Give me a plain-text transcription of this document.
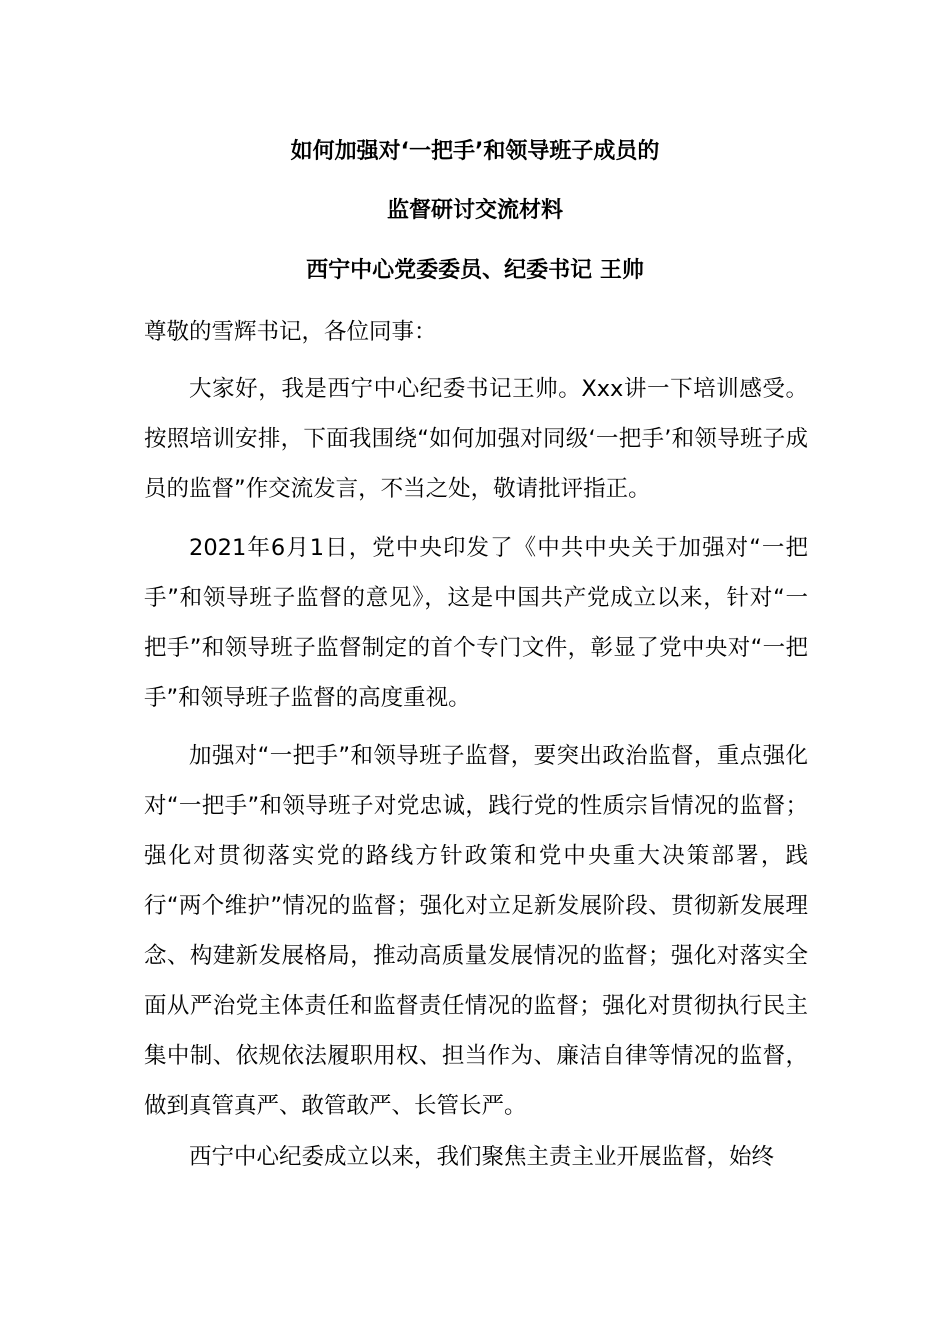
如何加强对‘一把手’和领导班子成员的
监督研讨交流材料
西宁中心党委委员、纪委书记 王帅
尊敬的雪辉书记，各位同事：
大家好，我是西宁中心纪委书记王帅。Xxx讲一下培训感受。按照培训安排，下面我围绕“如何加强对同级‘一把手’和领导班子成员的监督”作交流发言，不当之处，敬请批评指正。
2021年6月1日，党中央印发了《中共中央关于加强对“一把手”和领导班子监督的意见》，这是中国共产党成立以来，针对“一把手”和领导班子监督制定的首个专门文件，彰显了党中央对“一把手”和领导班子监督的高度重视。
加强对“一把手”和领导班子监督，要突出政治监督，重点强化对“一把手”和领导班子对党忠诚，践行党的性质宗旨情况的监督；强化对贯彻落实党的路线方针政策和党中央重大决策部署，践行“两个维护”情况的监督；强化对立足新发展阶段、贯彻新发展理念、构建新发展格局，推动高质量发展情况的监督；强化对落实全面从严治党主体责任和监督责任情况的监督；强化对贯彻执行民主集中制、依规依法履职用权、担当作为、廉洁自律等情况的监督，做到真管真严、敢管敢严、长管长严。
西宁中心纪委成立以来，我们聚焦主责主业开展监督，始终
